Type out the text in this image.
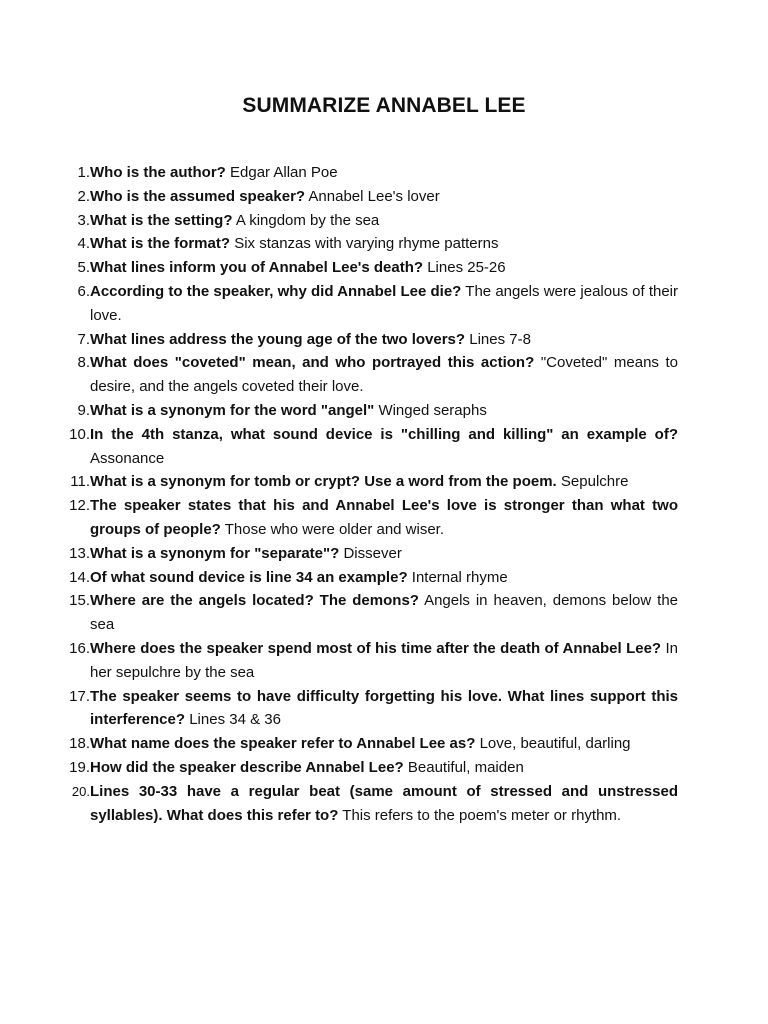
SUMMARIZE ANNABEL LEE
1. Who is the author? Edgar Allan Poe
2. Who is the assumed speaker? Annabel Lee's lover
3. What is the setting? A kingdom by the sea
4. What is the format? Six stanzas with varying rhyme patterns
5. What lines inform you of Annabel Lee's death? Lines 25-26
6. According to the speaker, why did Annabel Lee die? The angels were jealous of their love.
7. What lines address the young age of the two lovers? Lines 7-8
8. What does "coveted" mean, and who portrayed this action? "Coveted" means to desire, and the angels coveted their love.
9. What is a synonym for the word "angel" Winged seraphs
10. In the 4th stanza, what sound device is "chilling and killing" an example of? Assonance
11. What is a synonym for tomb or crypt? Use a word from the poem. Sepulchre
12. The speaker states that his and Annabel Lee's love is stronger than what two groups of people? Those who were older and wiser.
13. What is a synonym for "separate"? Dissever
14. Of what sound device is line 34 an example? Internal rhyme
15. Where are the angels located? The demons? Angels in heaven, demons below the sea
16. Where does the speaker spend most of his time after the death of Annabel Lee? In her sepulchre by the sea
17. The speaker seems to have difficulty forgetting his love. What lines support this interference? Lines 34 & 36
18. What name does the speaker refer to Annabel Lee as? Love, beautiful, darling
19. How did the speaker describe Annabel Lee? Beautiful, maiden
20. Lines 30-33 have a regular beat (same amount of stressed and unstressed syllables). What does this refer to? This refers to the poem's meter or rhythm.
